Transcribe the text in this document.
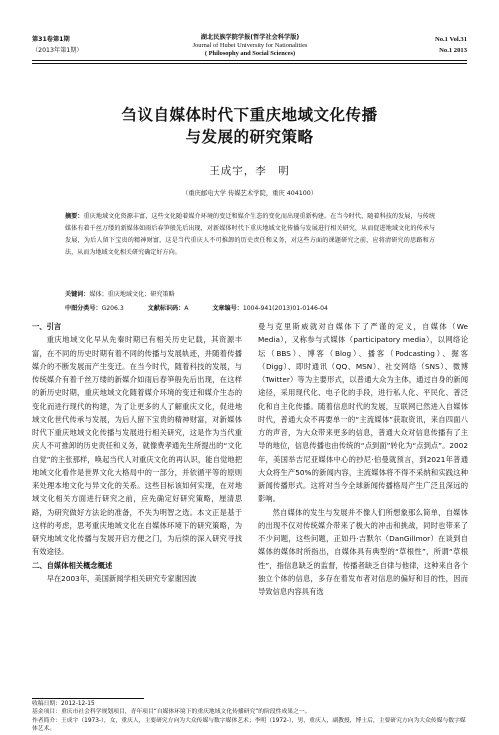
第31卷第1期
（2013年第1期）
湖北民族学院学报(哲学社会科学版)
Journal of Hubei University for Nationalities
( Philosophy and Social Sciences)
No.1 Vol.31
No.1 2013
刍议自媒体时代下重庆地域文化传播
与发展的研究策略
王成宇，李　明
（重庆邮电大学 传媒艺术学院，重庆 404100）
摘要：重庆地域文化资源丰富，这些文化随着媒介环境的变迁和媒介生态的变化而出现重新构建。在当今时代，随着科技的发展，与传统媒体有着千丝万缕的新媒体如雨后春笋般先后出现，对新媒体时代下重庆地域文化传播与发展进行相关研究，从而促进地域文化的传承与发展，为后人留下宝贵的精神财富，这是当代重庆人不可推卸的历史责任和义务，对这些方面的课题研究之前，应将清研究的思路和方法，从而为地域文化相关研究确定好方向。
关键词：媒体；重庆地域文化；研究策略
中图分类号：G206.3	文献标识码：A	文章编号：1004-941(2013)01-0146-04

一、引言

重庆地域文化早从先秦时期已有相关历史记载，其资源丰富，在不同的历史时期有着不同的传播与发展轨迹，并随着传播媒介的不断发展而产生变迁。在当今时代，随着科技的发展，与传统媒介有着千丝万缕的新媒介如雨后春笋般先后出现，在这样的新历史时期，重庆地域文化随着媒介环境的变迁和媒介生态的变化而进行现代的构建，为了让更多的人了解重庆文化，促进地域文化世代传承与发展，为后人留下宝贵的精神财富，对新媒体时代下重庆地域文化传播与发展进行相关研究，这是作为当代重庆人不可推卸的历史责任和义务，就像费孝通先生所提出的“文化自觉”的主张那样，唤起当代人对重庆文化的再认识，能自觉地把地域文化看作是世界文化大格局中的一部分，并依循平等的原则来处理本地文化与异文化的关系。这些目标该如何实现，在对地域文化相关方面进行研究之前，应先确定好研究策略，厘清思路，为研究做好方法论的准备，不失为明智之选。本文正是基于这样的考虑，思考重庆地域文化在自媒体环境下的研究策略，为研究地域文化传播与发展开启方便之门，为后续的深入研究寻找有效途径。

二、自媒体相关概念概述

早在2003年，美国新闻学相关研究专家谢因波

曼与克里斯威就对自媒体下了严谨的定义，自媒体（We Media），又称参与式媒体（participatory media），以网络论坛（BBS）、博客（Blog）、播客（Podcasting）、掘客（Digg）、即时通讯（QQ、MSN）、社交网络（SNS）、微博（Twitter）等为主要形式，以普通大众为主体，通过自身的新闻途径，采用现代化、电子化的手段，进行私人化、平民化、普泛化和自主化传播。随着信息时代的发展，互联网已然进入自媒体时代，普通大众不再要单一的“主流媒体”获取资讯，来自四面八方的声音，为大众带来更多的信息，普通大众对信息传播有了主导的地位，信息传播也由传统的“点到面”转化为“点到点”。2002年，美国举吉尼亚媒体中心的抄尼·伯曼就预言，到2021年普通大众将生产50%的新闻内容，主流媒体将不得不采纳和实践这种新闻传播形式。这将对当今全球新闻传播格局产生广泛且深远的影响。

然自媒体的发生与发展并不像人们所想象那么简单，自媒体的出现不仅对传统媒介带来了极大的冲击和挑战，同时也带来了不少问题，这些问题，正如丹·吉默尔（DanGillmor）在谈到自媒体的媒体时所指出，自媒体具有典型的“草根性”，所谓“草根性”，指信息缺乏的监督，传播者缺乏自律与他律，这种来自各个独立个体的信息，多存在着发布者对信息的偏好和目的性，因而导致信息内容具有选

收稿日期：2012-12-15
基金项目：重庆市社会科学规划项目，青年项目“自媒体环境下的重庆地域文化传播研究”的阶段性成果之一。
作者简介：王成宇（1973-），女，重庆人，主要研究方向为大众传媒与数字媒体艺术；李明（1972-），男，重庆人，副教授，博士后，主要研究方向为大众传媒与数字媒体艺术。
